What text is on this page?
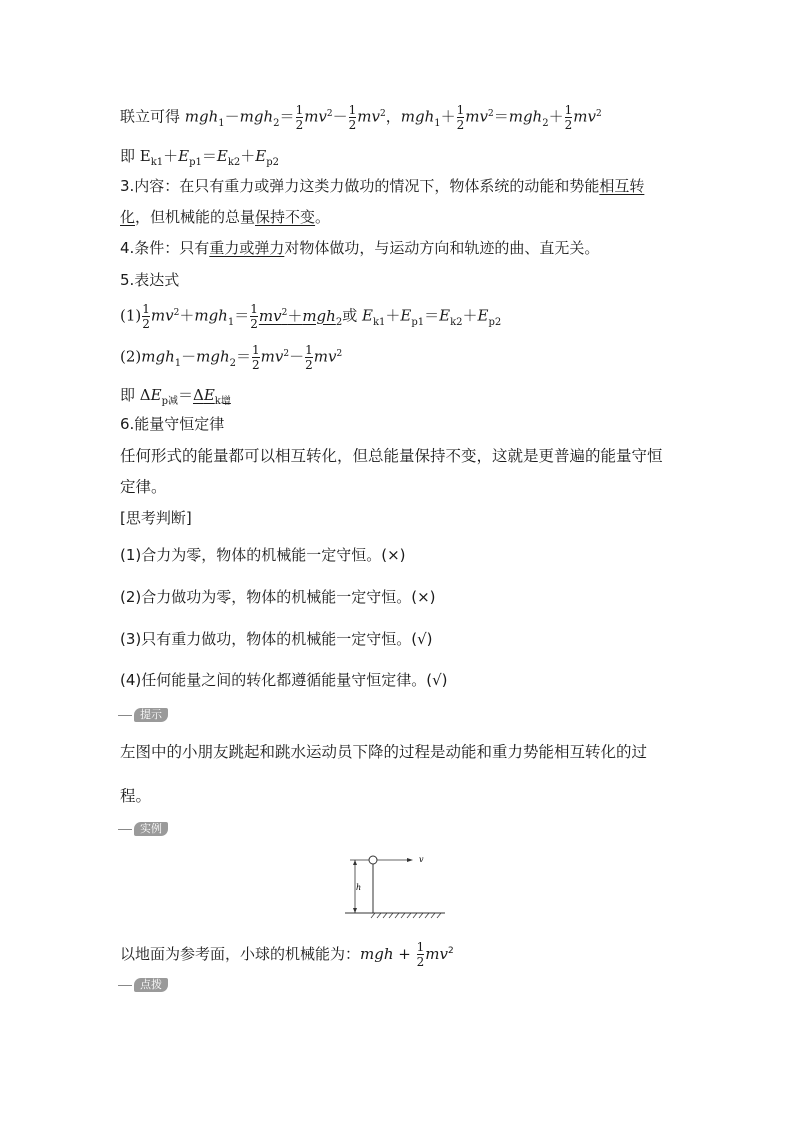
联立可得 $mgh_1-mgh_2= \frac{1}{2} mv^2- \frac{1}{2} mv^2$，$mgh_1+ \frac{1}{2} mv^2=mgh_2+ \frac{1}{2} mv^2$
即 $E_{k1}+E_{p1}=E_{k2}+E_{p2}$
3.内容：在只有重力或弹力这类力做功的情况下，物体系统的动能和势能相互转
化，但机械能的总量保持不变。
4.条件：只有重力或弹力对物体做功，与运动方向和轨迹的曲、直无关。
5.表达式
$(1) \frac{1}{2} mv^2+mgh_1= \frac{1}{2} mv^2+mgh_2$或 $E_{k1}+E_{p1}=E_{k2}+E_{p2}$
$(2)mgh_1-mgh_2= \frac{1}{2} mv^2- \frac{1}{2} mv^2$
即 $\Delta E_{p减}=\Delta E_{k增}$
6.能量守恒定律
任何形式的能量都可以相互转化，但总能量保持不变，这就是更普遍的能量守恒
定律。
[思考判断]
(1)合力为零，物体的机械能一定守恒。(×)
(2)合力做功为零，物体的机械能一定守恒。(×)
(3)只有重力做功，物体的机械能一定守恒。(√)
(4)任何能量之间的转化都遵循能量守恒定律。(√)
提示
左图中的小朋友跳起和跳水运动员下降的过程是动能和重力势能相互转化的过
程。
实例
h
v
以地面为参考面，小球的机械能为：mgh + $\frac{1}{2} mv^2$
点拨
